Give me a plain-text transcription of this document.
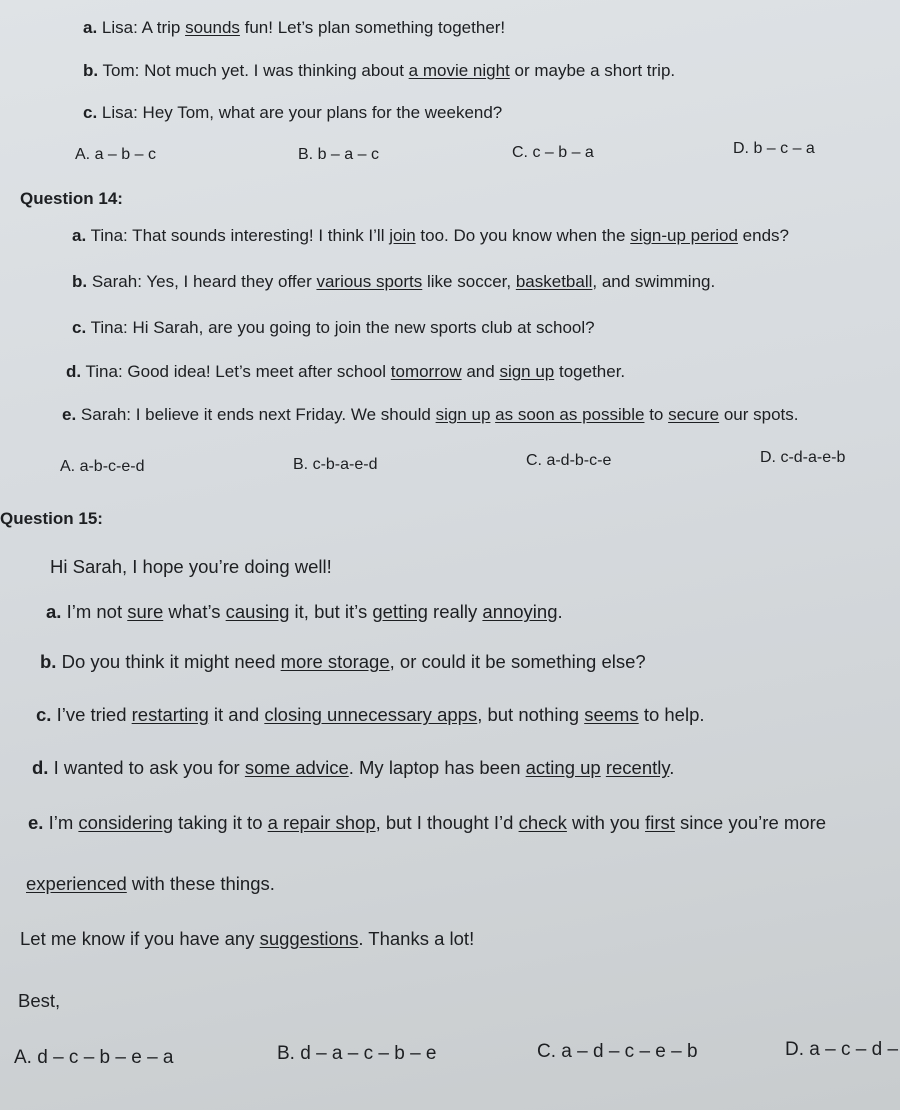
a. Lisa: A trip sounds fun! Let’s plan something together!
b. Tom: Not much yet. I was thinking about a movie night or maybe a short trip.
c. Lisa: Hey Tom, what are your plans for the weekend?
A. a – b – c	B. b – a – c	C. c – b – a	D. b – c – a
Question 14:
a. Tina: That sounds interesting! I think I’ll join too. Do you know when the sign-up period ends?
b. Sarah: Yes, I heard they offer various sports like soccer, basketball, and swimming.
c. Tina: Hi Sarah, are you going to join the new sports club at school?
d. Tina: Good idea! Let’s meet after school tomorrow and sign up together.
e. Sarah: I believe it ends next Friday. We should sign up as soon as possible to secure our spots.
A. a-b-c-e-d	B. c-b-a-e-d	C. a-d-b-c-e	D. c-d-a-e-b
Question 15:
Hi Sarah, I hope you’re doing well!
a. I’m not sure what’s causing it, but it’s getting really annoying.
b. Do you think it might need more storage, or could it be something else?
c. I’ve tried restarting it and closing unnecessary apps, but nothing seems to help.
d. I wanted to ask you for some advice. My laptop has been acting up recently.
e. I’m considering taking it to a repair shop, but I thought I’d check with you first since you’re more
experienced with these things.
Let me know if you have any suggestions. Thanks a lot!
Best,
A. d – c – b – e – a	B. d – a – c – b – e	C. a – d – c – e – b	D. a – c – d –
